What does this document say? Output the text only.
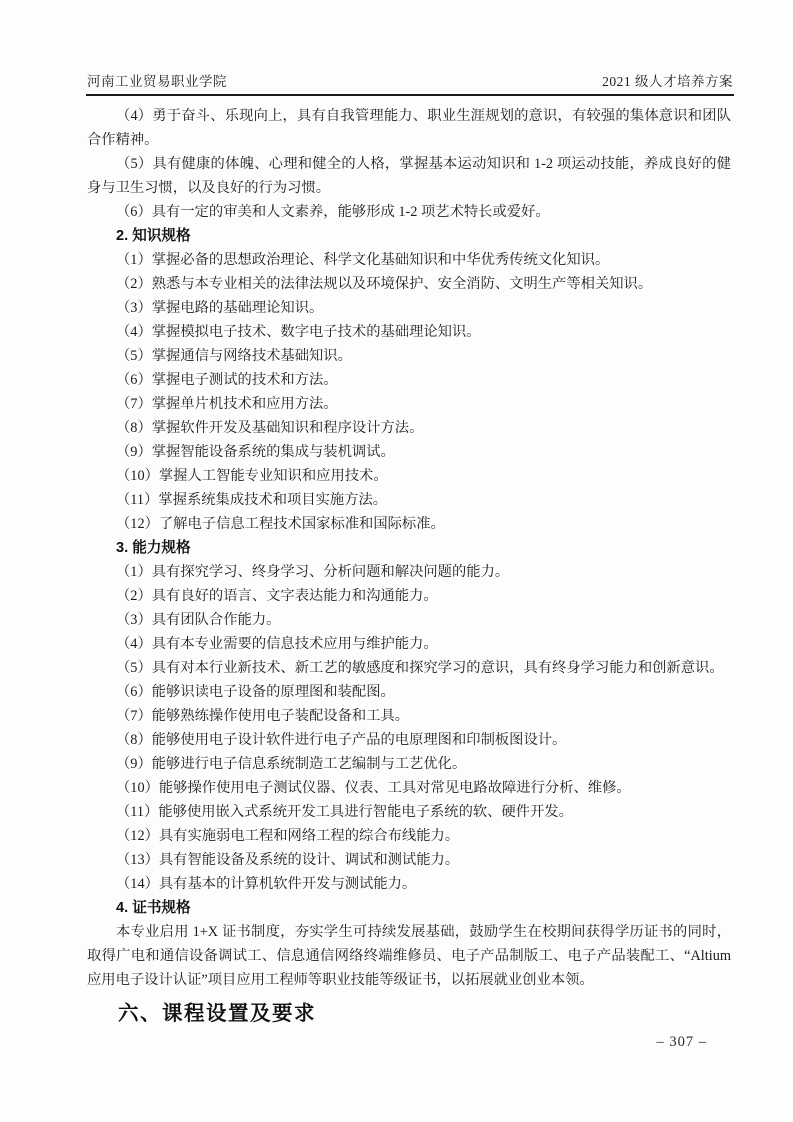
河南工业贸易职业学院	2021 级人才培养方案

（4）勇于奋斗、乐现向上，具有自我管理能力、职业生涯规划的意识，有较强的集体意识和团队合作精神。

（5）具有健康的体魄、心理和健全的人格，掌握基本运动知识和 1-2 项运动技能，养成良好的健身与卫生习惯，以及良好的行为习惯。

（6）具有一定的审美和人文素养，能够形成 1-2 项艺术特长或爱好。

2. 知识规格

（1）掌握必备的思想政治理论、科学文化基础知识和中华优秀传统文化知识。

（2）熟悉与本专业相关的法律法规以及环境保护、安全消防、文明生产等相关知识。

（3）掌握电路的基础理论知识。

（4）掌握模拟电子技术、数字电子技术的基础理论知识。

（5）掌握通信与网络技术基础知识。

（6）掌握电子测试的技术和方法。

（7）掌握单片机技术和应用方法。

（8）掌握软件开发及基础知识和程序设计方法。

（9）掌握智能设备系统的集成与装机调试。

（10）掌握人工智能专业知识和应用技术。

（11）掌握系统集成技术和项目实施方法。

（12）了解电子信息工程技术国家标准和国际标准。

3. 能力规格

（1）具有探究学习、终身学习、分析问题和解决问题的能力。

（2）具有良好的语言、文字表达能力和沟通能力。

（3）具有团队合作能力。

（4）具有本专业需要的信息技术应用与维护能力。

（5）具有对本行业新技术、新工艺的敏感度和探究学习的意识，具有终身学习能力和创新意识。

（6）能够识读电子设备的原理图和装配图。

（7）能够熟练操作使用电子装配设备和工具。

（8）能够使用电子设计软件进行电子产品的电原理图和印制板图设计。

（9）能够进行电子信息系统制造工艺编制与工艺优化。

（10）能够操作使用电子测试仪器、仪表、工具对常见电路故障进行分析、维修。

（11）能够使用嵌入式系统开发工具进行智能电子系统的软、硬件开发。

（12）具有实施弱电工程和网络工程的综合布线能力。

（13）具有智能设备及系统的设计、调试和测试能力。

（14）具有基本的计算机软件开发与测试能力。

4. 证书规格

本专业启用 1+X 证书制度，夯实学生可持续发展基础，鼓励学生在校期间获得学历证书的同时，取得广电和通信设备调试工、信息通信网络终端维修员、电子产品制版工、电子产品装配工、“Altium 应用电子设计认证”项目应用工程师等职业技能等级证书，以拓展就业创业本领。

六、课程设置及要求
– 307 –
